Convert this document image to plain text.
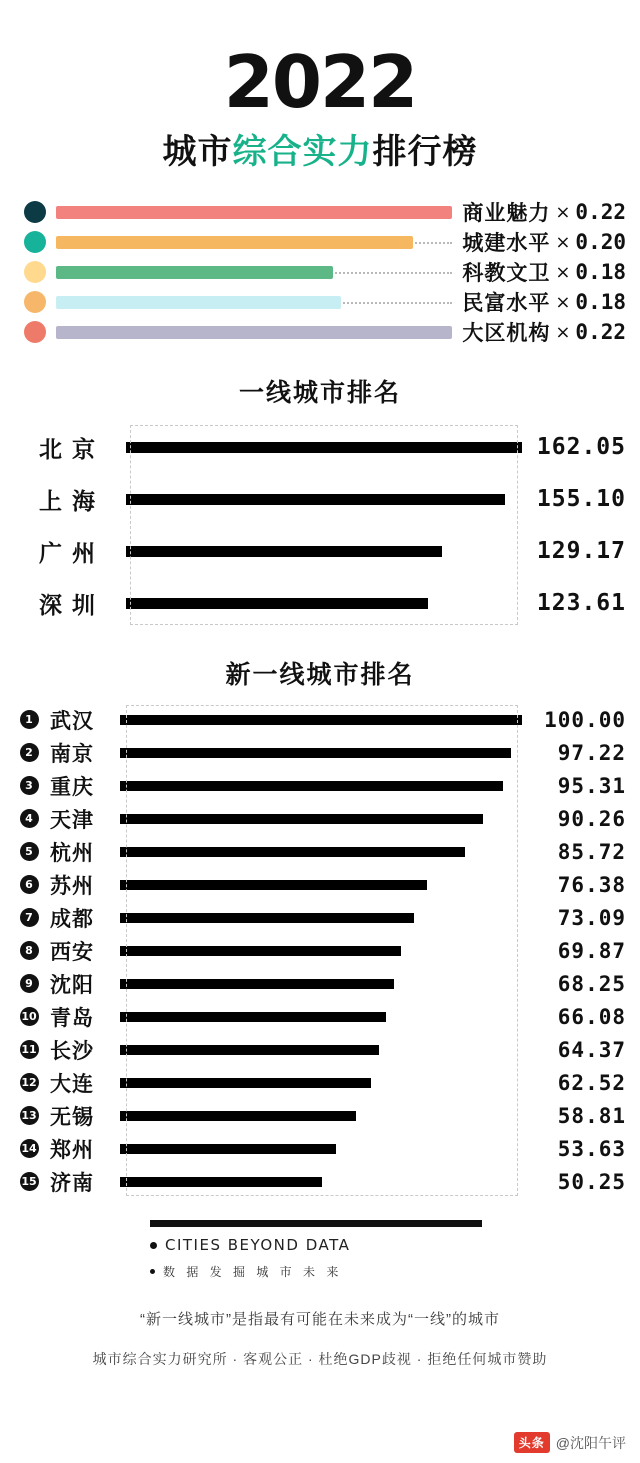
2022
城市综合实力排行榜
商业魅力 × 0.22
城建水平 × 0.20
科教文卫 × 0.18
民富水平 × 0.18
大区机构 × 0.22
一线城市排名
北京	162.05
上海	155.10
广州	129.17
深圳	123.61
新一线城市排名
1 武汉	100.00
2 南京	97.22
3 重庆	95.31
4 天津	90.26
5 杭州	85.72
6 苏州	76.38
7 成都	73.09
8 西安	69.87
9 沈阳	68.25
10 青岛	66.08
11 长沙	64.37
12 大连	62.52
13 无锡	58.81
14 郑州	53.63
15 济南	50.25
CITIES BEYOND DATA
数 据 发 掘 城 市 未 来
“新一线城市”是指最有可能在未来成为“一线”的城市
城市综合实力研究所 · 客观公正 · 杜绝GDP歧视 · 拒绝任何城市赞助
头条 @沈阳午评
